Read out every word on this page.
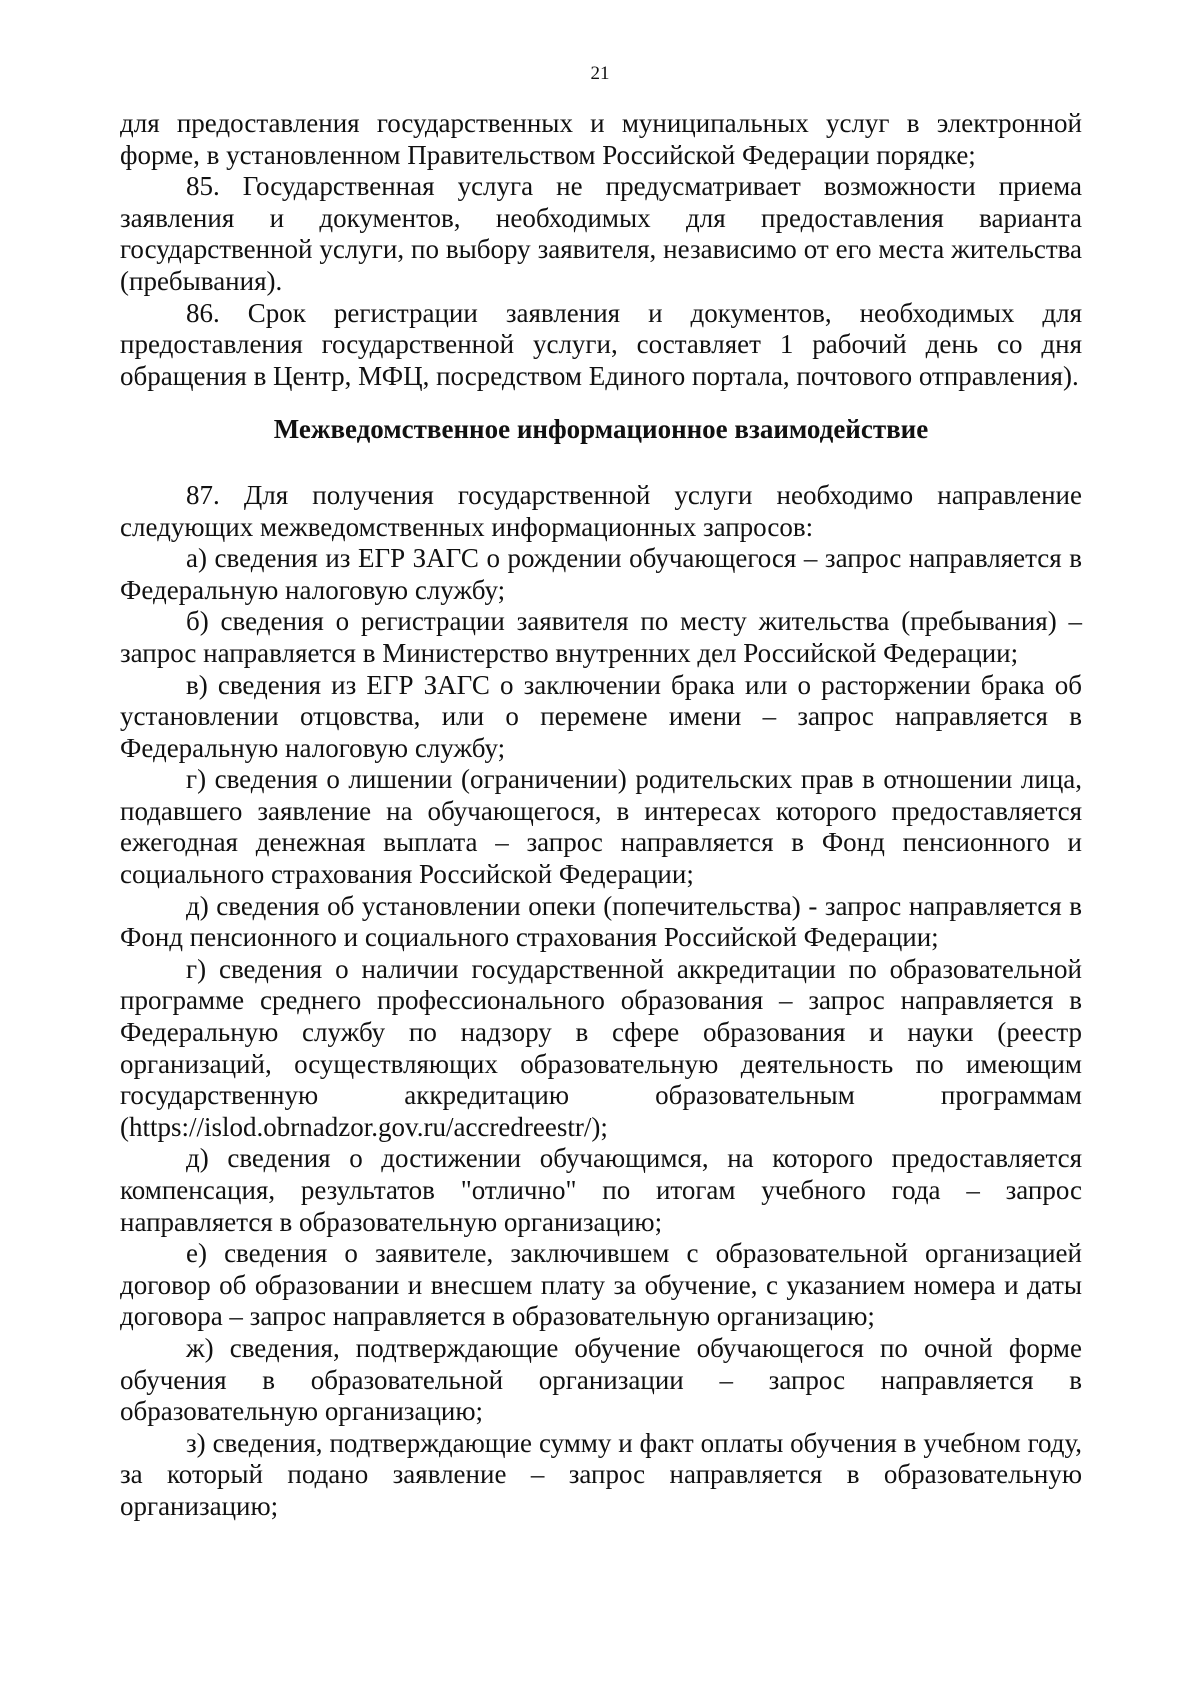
21

для предоставления государственных и муниципальных услуг в электронной форме, в установленном Правительством Российской Федерации порядке;

85. Государственная услуга не предусматривает возможности приема заявления и документов, необходимых для предоставления варианта государственной услуги, по выбору заявителя, независимо от его места жительства (пребывания).

86. Срок регистрации заявления и документов, необходимых для предоставления государственной услуги, составляет 1 рабочий день со дня обращения в Центр, МФЦ, посредством Единого портала, почтового отправления).

Межведомственное информационное взаимодействие

87. Для получения государственной услуги необходимо направление следующих межведомственных информационных запросов:

а) сведения из ЕГР ЗАГС о рождении обучающегося – запрос направляется в Федеральную налоговую службу;

б) сведения о регистрации заявителя по месту жительства (пребывания) – запрос направляется в Министерство внутренних дел Российской Федерации;

в) сведения из ЕГР ЗАГС о заключении брака или о расторжении брака об установлении отцовства, или о перемене имени – запрос направляется в Федеральную налоговую службу;

г) сведения о лишении (ограничении) родительских прав в отношении лица, подавшего заявление на обучающегося, в интересах которого предоставляется ежегодная денежная выплата – запрос направляется в Фонд пенсионного и социального страхования Российской Федерации;

д) сведения об установлении опеки (попечительства) - запрос направляется в Фонд пенсионного и социального страхования Российской Федерации;

г) сведения о наличии государственной аккредитации по образовательной программе среднего профессионального образования – запрос направляется в Федеральную службу по надзору в сфере образования и науки (реестр организаций, осуществляющих образовательную деятельность по имеющим государственную аккредитацию образовательным программам (https://islod.obrnadzor.gov.ru/accredreestr/);

д) сведения о достижении обучающимся, на которого предоставляется компенсация, результатов "отлично" по итогам учебного года – запрос направляется в образовательную организацию;

е) сведения о заявителе, заключившем с образовательной организацией договор об образовании и внесшем плату за обучение, с указанием номера и даты договора – запрос направляется в образовательную организацию;

ж) сведения, подтверждающие обучение обучающегося по очной форме обучения в образовательной организации – запрос направляется в образовательную организацию;

з) сведения, подтверждающие сумму и факт оплаты обучения в учебном году, за который подано заявление – запрос направляется в образовательную организацию;
